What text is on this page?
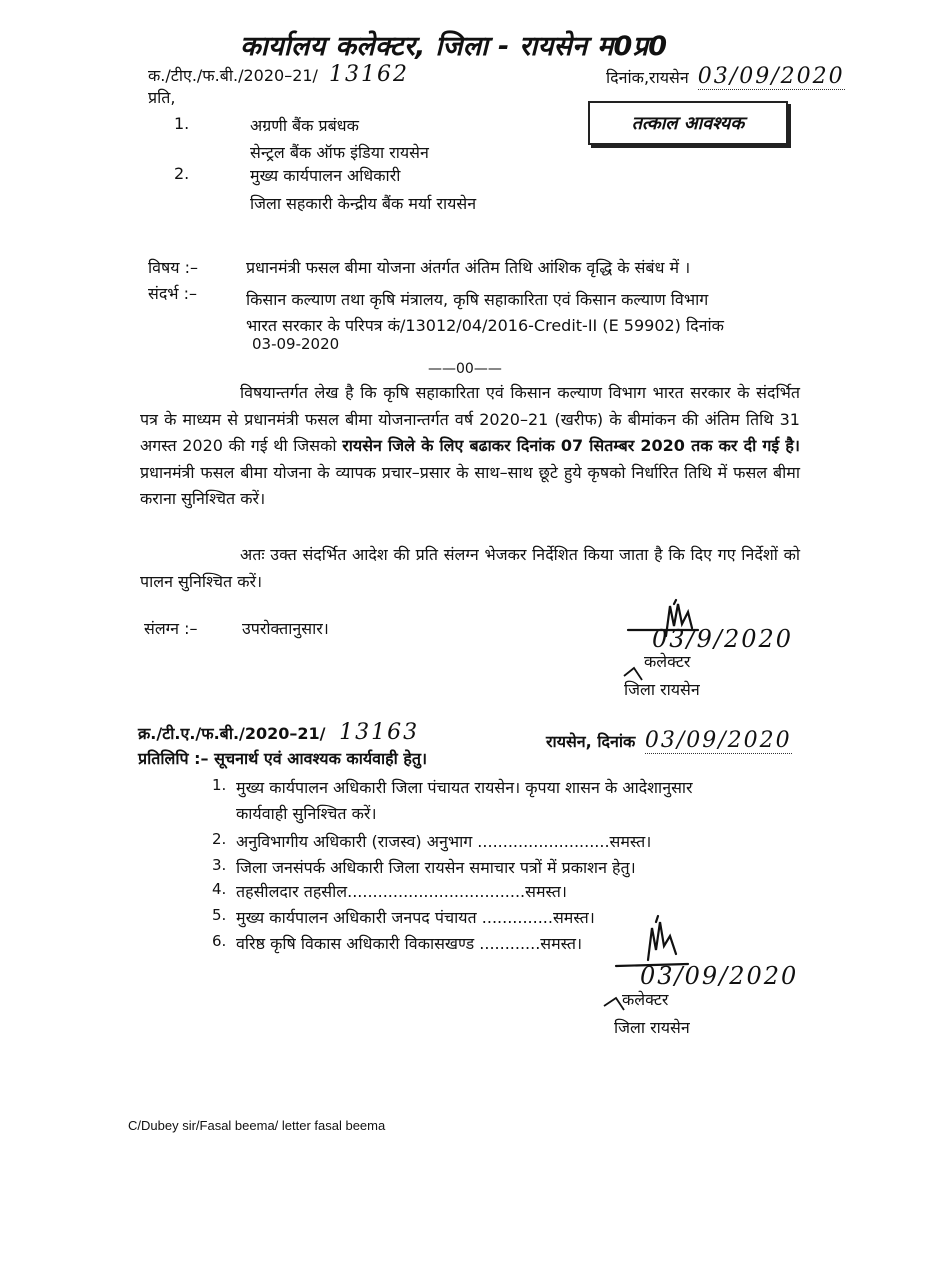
कार्यालय कलेक्टर, जिला - रायसेन म0प्र0
क./टीए./फ.बी./2020–21/ 13162	दिनांक,रायसेन 03/09/2020
प्रति,
तत्काल आवश्यक
1.	अग्रणी बैंक प्रबंधक
सेन्ट्रल बैंक ऑफ इंडिया रायसेन
2.	मुख्य कार्यपालन अधिकारी
जिला सहकारी केन्द्रीय बैंक मर्या रायसेन
विषय :–	प्रधानमंत्री फसल बीमा योजना अंतर्गत अंतिम तिथि आंशिक वृद्धि के संबंध में ।
संदर्भ :–	किसान कल्याण तथा कृषि मंत्रालय, कृषि सहाकारिता एवं किसान कल्याण विभाग
भारत सरकार के परिपत्र कं/13012/04/2016-Credit-II (E 59902) दिनांक
03-09-2020
——00——
विषयान्तर्गत लेख है कि कृषि सहाकारिता एवं किसान कल्याण विभाग भारत सरकार के संदर्भित पत्र के माध्यम से प्रधानमंत्री फसल बीमा योजनान्तर्गत वर्ष 2020–21 (खरीफ) के बीमांकन की अंतिम तिथि 31 अगस्त 2020 की गई थी जिसको रायसेन जिले के लिए बढाकर दिनांक 07 सितम्बर 2020 तक कर दी गई है। प्रधानमंत्री फसल बीमा योजना के व्यापक प्रचार–प्रसार के साथ–साथ छूटे हुये कृषको निर्धारित तिथि में फसल बीमा कराना सुनिश्चित करें।
अतः उक्त संदर्भित आदेश की प्रति संलग्न भेजकर निर्देशित किया जाता है कि दिए गए निर्देशों को पालन सुनिश्चित करें।
संलग्न :–	उपरोक्तानुसार।	03/9/2020
कलेक्टर
जिला रायसेन
क्र./टी.ए./फ.बी./2020–21/ 13163	रायसेन, दिनांक 03/09/2020
प्रतिलिपि :– सूचनार्थ एवं आवश्यक कार्यवाही हेतु।
1. मुख्य कार्यपालन अधिकारी जिला पंचायत रायसेन। कृपया शासन के आदेशानुसार
कार्यवाही सुनिश्चित करें।
2. अनुविभागीय अधिकारी (राजस्व) अनुभाग ..........................समस्त।
3. जिला जनसंपर्क अधिकारी जिला रायसेन समाचार पत्रों में प्रकाशन हेतु।
4. तहसीलदार तहसील...................................समस्त।
5. मुख्य कार्यपालन अधिकारी जनपद पंचायत ..............समस्त।
6. वरिष्ठ कृषि विकास अधिकारी विकासखण्ड ............समस्त।
03/09/2020
कलेक्टर
जिला रायसेन
C/Dubey sir/Fasal beema/ letter fasal beema
